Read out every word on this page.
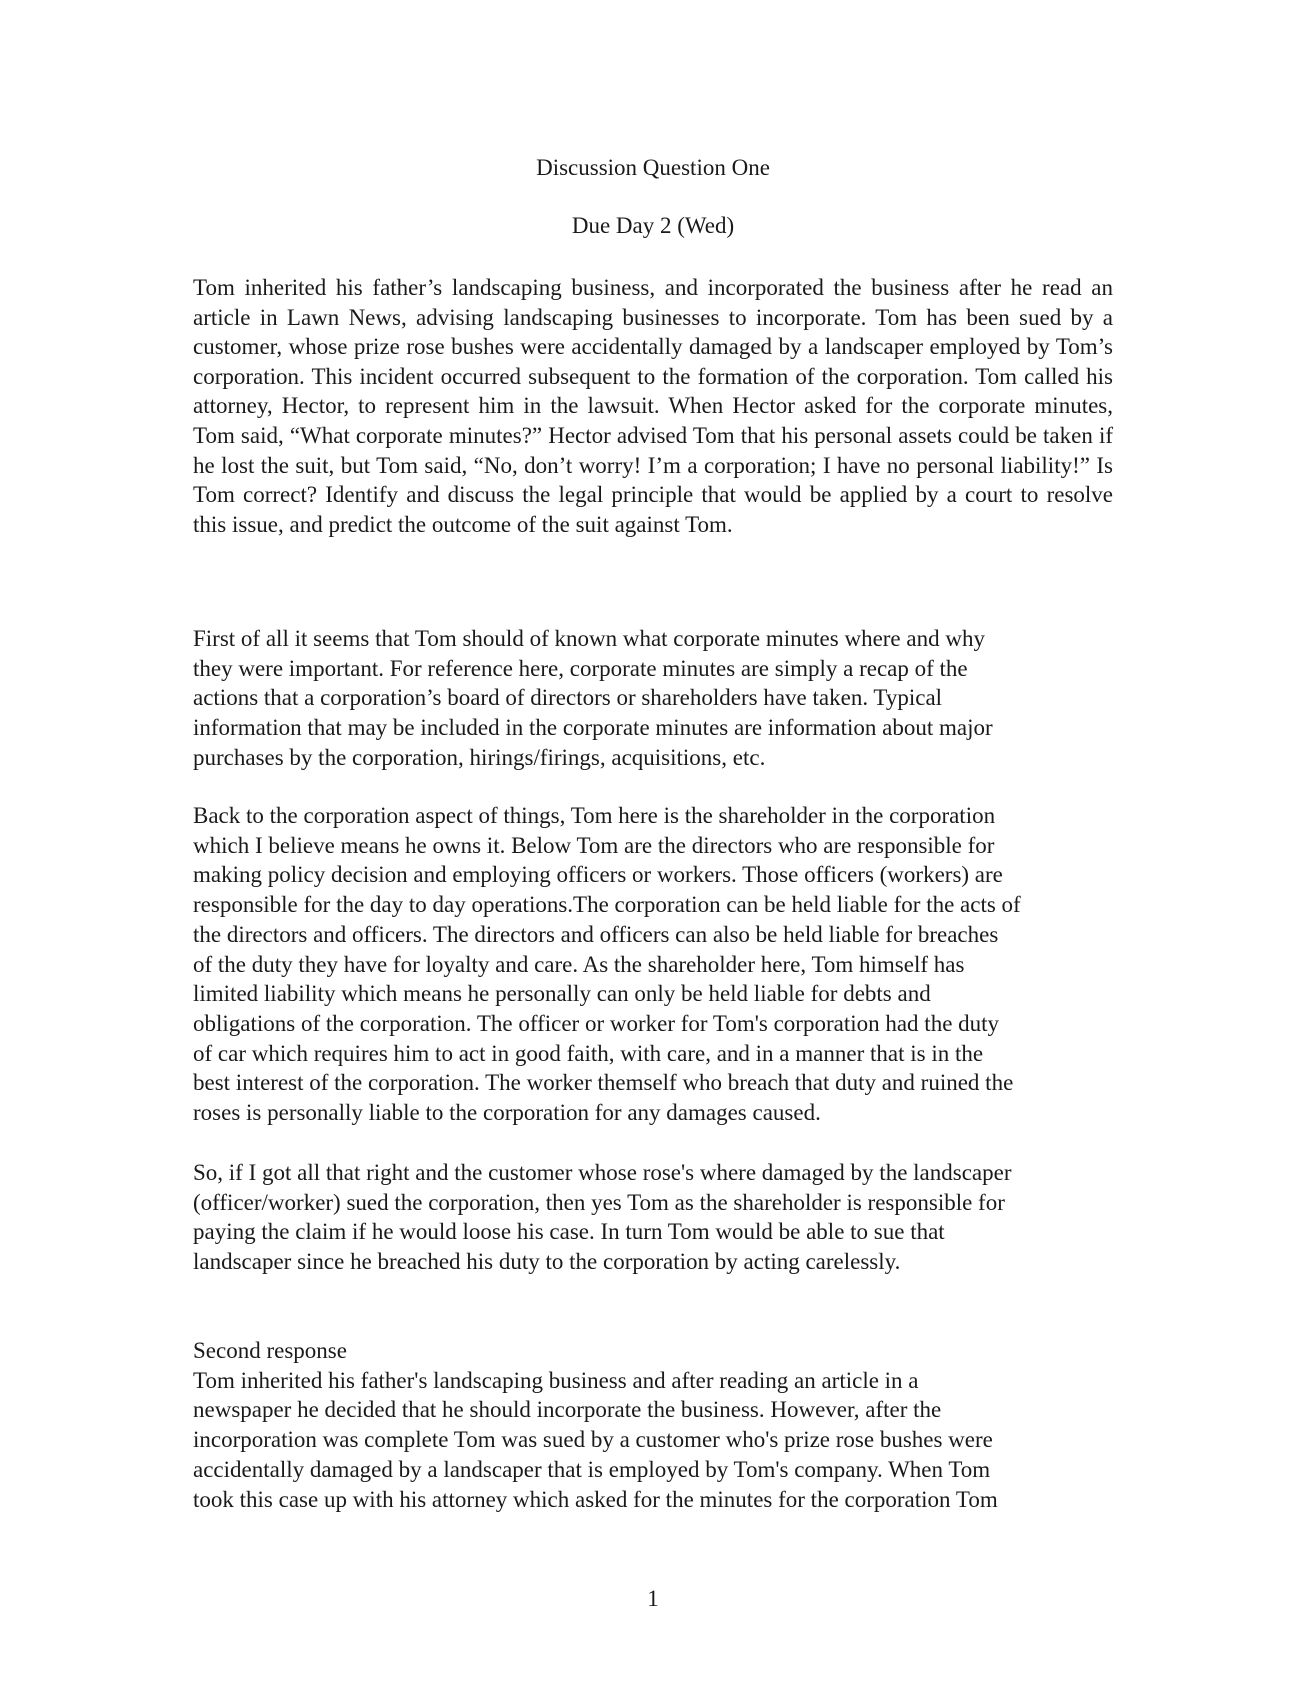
Discussion Question One
Due Day 2 (Wed)
Tom inherited his father’s landscaping business, and incorporated the business after he read an article in Lawn News, advising landscaping businesses to incorporate. Tom has been sued by a customer, whose prize rose bushes were accidentally damaged by a landscaper employed by Tom’s corporation. This incident occurred subsequent to the formation of the corporation. Tom called his attorney, Hector, to represent him in the lawsuit. When Hector asked for the corporate minutes, Tom said, “What corporate minutes?” Hector advised Tom that his personal assets could be taken if he lost the suit, but Tom said, “No, don’t worry! I’m a corporation; I have no personal liability!” Is Tom correct? Identify and discuss the legal principle that would be applied by a court to resolve this issue, and predict the outcome of the suit against Tom.
First of all it seems that Tom should of known what corporate minutes where and why
they were important. For reference here, corporate minutes are simply a recap of the
actions that a corporation’s board of directors or shareholders have taken. Typical
information that may be included in the corporate minutes are information about major
purchases by the corporation, hirings/firings, acquisitions, etc.
Back to the corporation aspect of things, Tom here is the shareholder in the corporation
which I believe means he owns it. Below Tom are the directors who are responsible for
making policy decision and employing officers or workers. Those officers (workers) are
responsible for the day to day operations.The corporation can be held liable for the acts of
the directors and officers. The directors and officers can also be held liable for breaches
of the duty they have for loyalty and care. As the shareholder here, Tom himself has
limited liability which means he personally can only be held liable for debts and
obligations of the corporation. The officer or worker for Tom's corporation had the duty
of car which requires him to act in good faith, with care, and in a manner that is in the
best interest of the corporation. The worker themself who breach that duty and ruined the
roses is personally liable to the corporation for any damages caused.
So, if I got all that right and the customer whose rose's where damaged by the landscaper
(officer/worker) sued the corporation, then yes Tom as the shareholder is responsible for
paying the claim if he would loose his case. In turn Tom would be able to sue that
landscaper since he breached his duty to the corporation by acting carelessly.
Second response
Tom inherited his father's landscaping business and after reading an article in a
newspaper he decided that he should incorporate the business. However, after the
incorporation was complete Tom was sued by a customer who's prize rose bushes were
accidentally damaged by a landscaper that is employed by Tom's company. When Tom
took this case up with his attorney which asked for the minutes for the corporation Tom
1
